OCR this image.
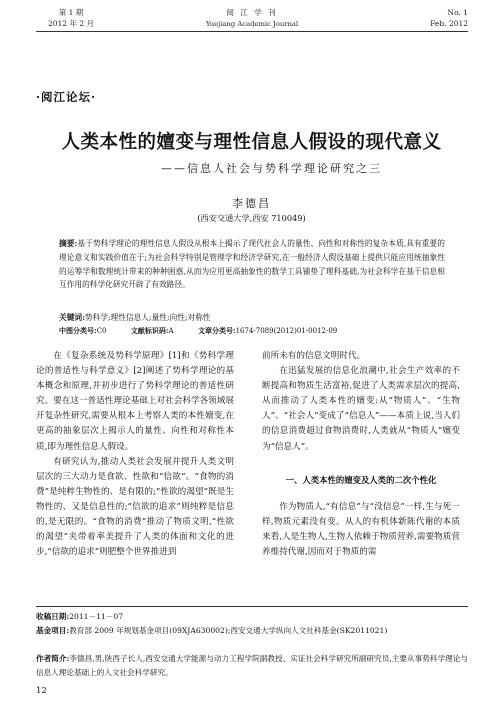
第 1 期
2012 年 2 月
阅 江 学 刊
Yuejiang Academic Journal
No. 1
Feb. 2012
·阅江论坛·
人类本性的嬗变与理性信息人假设的现代意义
——信息人社会与势科学理论研究之三
李德昌
(西安交通大学,西安 710049)
摘要:基于势科学理论的理性信息人假设从根本上揭示了现代社会人的量性、向性和对称性的复杂本质,具有重要的理论意义和实践价值在于;为社会科学特别是管理学和经济学研究,在一般经济人假设基础上提供只能应用统抽象性的运筹学和数理统计带来的种种困惑,从而为应用更高抽象性的数学工具铺垫了理科基础,为社会科学在基于信息相互作用的科学化研究开辟了有效路径。
关键词:势科学;理性信息人;量性;向性;对称性
中图分类号:C0	文献标识码:A	文章分类号:1674-7089(2012)01-0012-09

在《复杂系统及势科学原理》[1]和《势科学理论的普适性与科学意义》[2]阐述了势科学理论的基本概念和原理,并初步进行了势科学理论的普适性研究。要在这一普适性理论基础上对社会科学各领域展开复杂性研究,需要从根本上考察人类的本性嬗变,在更高的抽象层次上揭示人的量性、向性和对称性本质,即为理性信息人假设。

有研究认为,推动人类社会发展并提升人类文明层次的三大动力是食欲、性欲和“信欲”。“食物的消费”是纯粹生物性的、是有限的;“性欲的渴望”既是生物性的、又是信息性的;“信欲的追求”则纯粹是信息的,是无限的。“食物的消费”推动了物质文明,“性欲的渴望”夹带着率美提升了人类的体面和文化的进步,“信欲的追求”则肥整个世界推进到

前所未有的信息文明时代。

在迅猛发展的信息化浪潮中,社会生产效率的不断提高和物质生活富裕,促进了人类需求层次的提高,从而推动了人类本性的嬗变:从“物质人”、“生物人”、“社会人”变成了“信息人”——本质上说,当人们的信息消费超过食物消费时,人类就从“物质人”嬗变为“信息人”。

一、人类本性的嬗变及人类的二次个性化

作为物质人,“有信息”与“没信息”一样,生与死一样,物质元素没有变。从人的有机体新陈代谢的本质来看,人是生物人,生物人依赖于物质营养,需要物质营养维持代谢,因而对于物质的需

收稿日期:2011－11－07
基金项目:教育部 2009 年规划基金项目(09XJA630002);西安交通大学纵向人文社科基金(SK2011021)
作者简介:李德昌,男,陕西子长人,西安交通大学能源与动力工程学院副教授、实证社会科学研究所副研究员,主要从事势科学理论与信息人理论基础上的人文社会科学研究。
12
